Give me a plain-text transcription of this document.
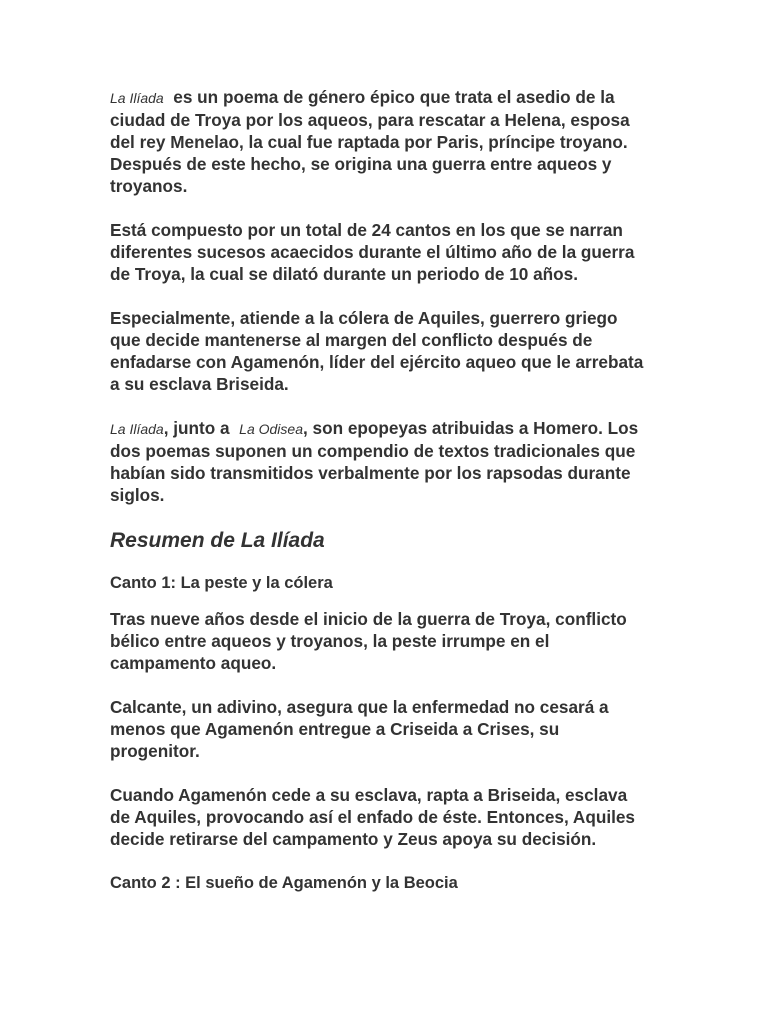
La Ilíada es un poema de género épico que trata el asedio de la ciudad de Troya por los aqueos, para rescatar a Helena, esposa del rey Menelao, la cual fue raptada por Paris, príncipe troyano. Después de este hecho, se origina una guerra entre aqueos y troyanos.

Está compuesto por un total de 24 cantos en los que se narran diferentes sucesos acaecidos durante el último año de la guerra de Troya, la cual se dilató durante un periodo de 10 años.

Especialmente, atiende a la cólera de Aquiles, guerrero griego que decide mantenerse al margen del conflicto después de enfadarse con Agamenón, líder del ejército aqueo que le arrebata a su esclava Briseida.

La Ilíada, junto a  La Odisea, son epopeyas atribuidas a Homero. Los dos poemas suponen un compendio de textos tradicionales que habían sido transmitidos verbalmente por los rapsodas durante siglos.

Resumen de La Ilíada
Canto 1: La peste y la cólera

Tras nueve años desde el inicio de la guerra de Troya, conflicto bélico entre aqueos y troyanos, la peste irrumpe en el campamento aqueo.

Calcante, un adivino, asegura que la enfermedad no cesará a menos que Agamenón entregue a Criseida a Crises, su progenitor.

Cuando Agamenón cede a su esclava, rapta a Briseida, esclava de Aquiles, provocando así el enfado de éste. Entonces, Aquiles decide retirarse del campamento y Zeus apoya su decisión.

Canto 2 : El sueño de Agamenón y la Beocia
